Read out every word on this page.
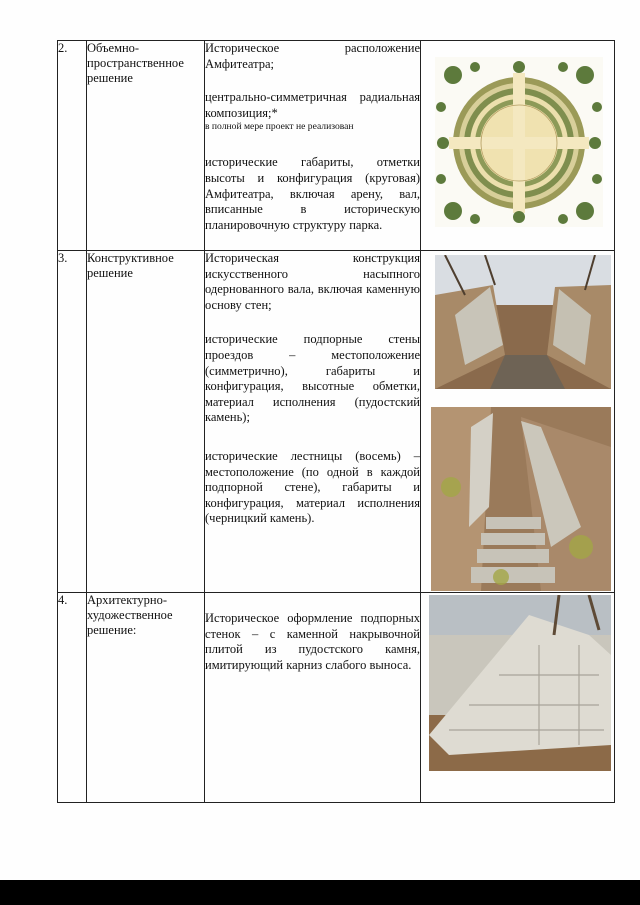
2.	Объемно-пространственное решение	Историческое расположение Амфитеатра;

центрально-симметричная радиальная композиция;*

в полной мере проект не реализован

исторические габариты, отметки высоты и конфигурация (круговая) Амфитеатра, включая арену, вал, вписанные в историческую планировочную структуру парка.

3.	Конструктивное решение	Историческая конструкция искусственного насыпного одернованного вала, включая каменную основу стен;

исторические подпорные стены проездов – местоположение (симметрично), габариты и конфигурация, высотные обметки, материал исполнения (пудостский камень);

исторические лестницы (восемь) – местоположение (по одной в каждой подпорной стене), габариты и конфигурация, материал исполнения (черницкий камень).

4.	Архитектурно-художественное решение:	Историческое оформление подпорных стенок – с каменной накрывочной плитой из пудостского камня, имитирующий карниз слабого выноса.
